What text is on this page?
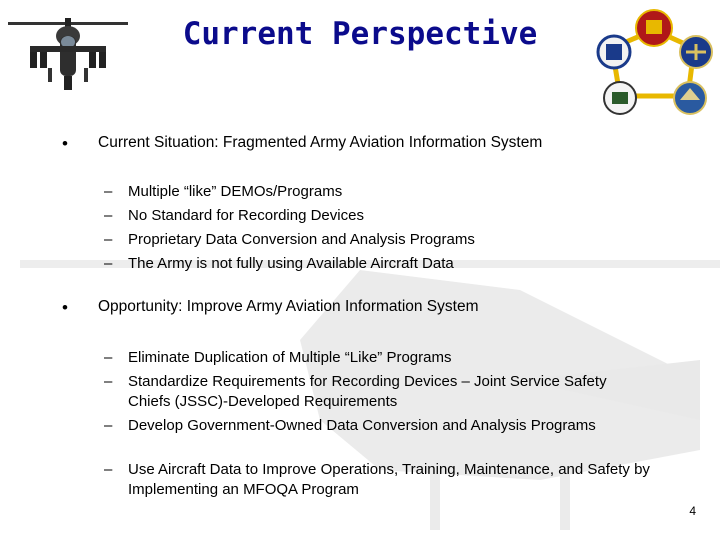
Current Perspective
•	Current Situation: Fragmented Army Aviation Information System
– Multiple “like” DEMOs/Programs
– No Standard for Recording Devices
– Proprietary Data Conversion and Analysis Programs
– The Army is not fully using Available Aircraft Data
•	Opportunity: Improve Army Aviation Information System
– Eliminate Duplication of Multiple “Like” Programs
– Standardize Requirements for Recording Devices – Joint Service Safety Chiefs (JSSC)-Developed Requirements
– Develop Government-Owned Data Conversion and Analysis Programs
– Use Aircraft Data to Improve Operations, Training, Maintenance, and Safety by Implementing an MFOQA Program
4
